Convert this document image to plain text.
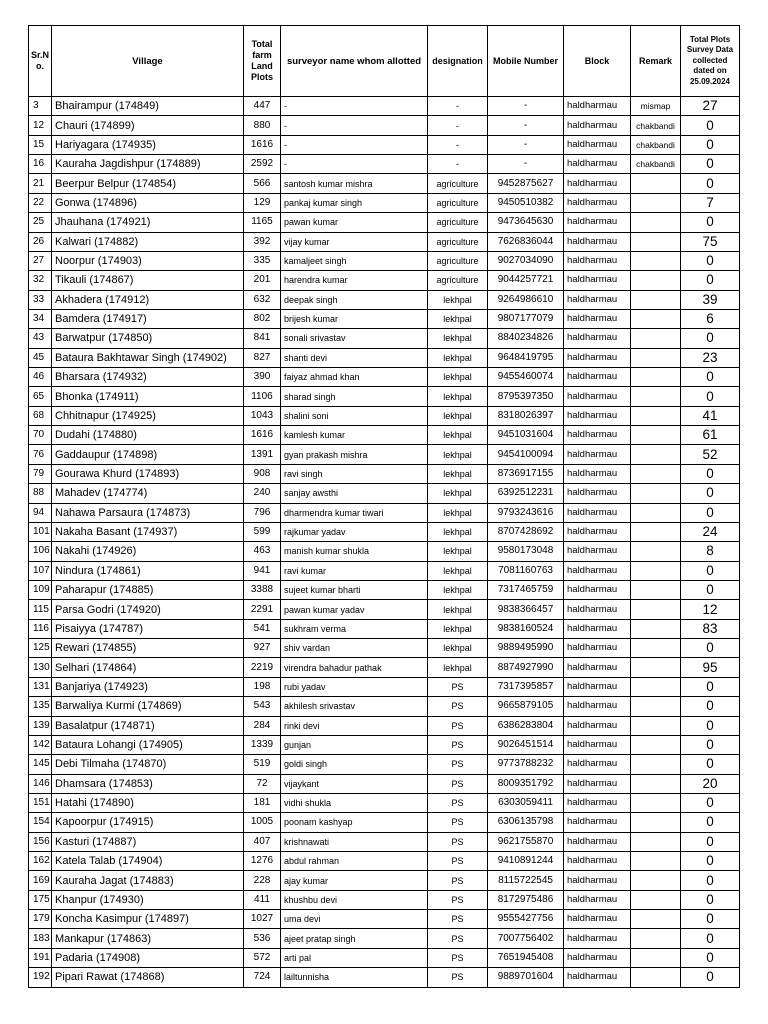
Sr.N o.	Village	Total farm Land Plots	surveyor name whom allotted	designation	Mobile Number	Block	Remark	Total Plots Survey Data collected dated on 25.09.2024
3	Bhairampur (174849)	447	-	-	-	haldharmau	mismap	27
12	Chauri (174899)	880	-	-	-	haldharmau	chakbandi	0
15	Hariyagara (174935)	1616	-	-	-	haldharmau	chakbandi	0
16	Kauraha Jagdishpur (174889)	2592	-	-	-	haldharmau	chakbandi	0
21	Beerpur Belpur (174854)	566	santosh kumar mishra	agriculture	9452875627	haldharmau		0
22	Gonwa (174896)	129	pankaj kumar singh	agriculture	9450510382	haldharmau		7
25	Jhauhana (174921)	1165	pawan kumar	agriculture	9473645630	haldharmau		0
26	Kalwari (174882)	392	vijay kumar	agriculture	7626836044	haldharmau		75
27	Noorpur (174903)	335	kamaljeet singh	agriculture	9027034090	haldharmau		0
32	Tikauli (174867)	201	harendra kumar	agriculture	9044257721	haldharmau		0
33	Akhadera (174912)	632	deepak singh	lekhpal	9264986610	haldharmau		39
34	Bamdera (174917)	802	brijesh kumar	lekhpal	9807177079	haldharmau		6
43	Barwatpur (174850)	841	sonali srivastav	lekhpal	8840234826	haldharmau		0
45	Bataura Bakhtawar Singh (174902)	827	shanti devi	lekhpal	9648419795	haldharmau		23
46	Bharsara (174932)	390	faiyaz ahmad khan	lekhpal	9455460074	haldharmau		0
65	Bhonka (174911)	1106	sharad singh	lekhpal	8795397350	haldharmau		0
68	Chhitnapur (174925)	1043	shalini soni	lekhpal	8318026397	haldharmau		41
70	Dudahi (174880)	1616	kamlesh kumar	lekhpal	9451031604	haldharmau		61
76	Gaddaupur (174898)	1391	gyan prakash mishra	lekhpal	9454100094	haldharmau		52
79	Gourawa Khurd (174893)	908	ravi singh	lekhpal	8736917155	haldharmau		0
88	Mahadev (174774)	240	sanjay awsthi	lekhpal	6392512231	haldharmau		0
94	Nahawa Parsaura (174873)	796	dharmendra kumar tiwari	lekhpal	9793243616	haldharmau		0
101	Nakaha Basant (174937)	599	rajkumar yadav	lekhpal	8707428692	haldharmau		24
106	Nakahi (174926)	463	manish kumar shukla	lekhpal	9580173048	haldharmau		8
107	Nindura (174861)	941	ravi kumar	lekhpal	7081160763	haldharmau		0
109	Paharapur (174885)	3388	sujeet kumar bharti	lekhpal	7317465759	haldharmau		0
115	Parsa Godri (174920)	2291	pawan kumar yadav	lekhpal	9838366457	haldharmau		12
116	Pisaiyya (174787)	541	sukhram verma	lekhpal	9838160524	haldharmau		83
125	Rewari (174855)	927	shiv vardan	lekhpal	9889495990	haldharmau		0
130	Selhari (174864)	2219	virendra bahadur pathak	lekhpal	8874927990	haldharmau		95
131	Banjariya (174923)	198	rubi yadav	PS	7317395857	haldharmau		0
135	Barwaliya Kurmi (174869)	543	akhilesh srivastav	PS	9665879105	haldharmau		0
139	Basalatpur (174871)	284	rinki devi	PS	6386283804	haldharmau		0
142	Bataura Lohangi (174905)	1339	gunjan	PS	9026451514	haldharmau		0
145	Debi Tilmaha (174870)	519	goldi singh	PS	9773788232	haldharmau		0
146	Dhamsara (174853)	72	vijaykant	PS	8009351792	haldharmau		20
151	Hatahi (174890)	181	vidhi shukla	PS	6303059411	haldharmau		0
154	Kapoorpur (174915)	1005	poonam kashyap	PS	6306135798	haldharmau		0
156	Kasturi (174887)	407	krishnawati	PS	9621755870	haldharmau		0
162	Katela Talab (174904)	1276	abdul rahman	PS	9410891244	haldharmau		0
169	Kauraha Jagat (174883)	228	ajay kumar	PS	8115722545	haldharmau		0
175	Khanpur (174930)	411	khushbu devi	PS	8172975486	haldharmau		0
179	Koncha Kasimpur (174897)	1027	uma devi	PS	9555427756	haldharmau		0
183	Mankapur (174863)	536	ajeet pratap singh	PS	7007756402	haldharmau		0
191	Padaria (174908)	572	arti pal	PS	7651945408	haldharmau		0
192	Pipari Rawat (174868)	724	lailtunnisha	PS	9889701604	haldharmau		0
